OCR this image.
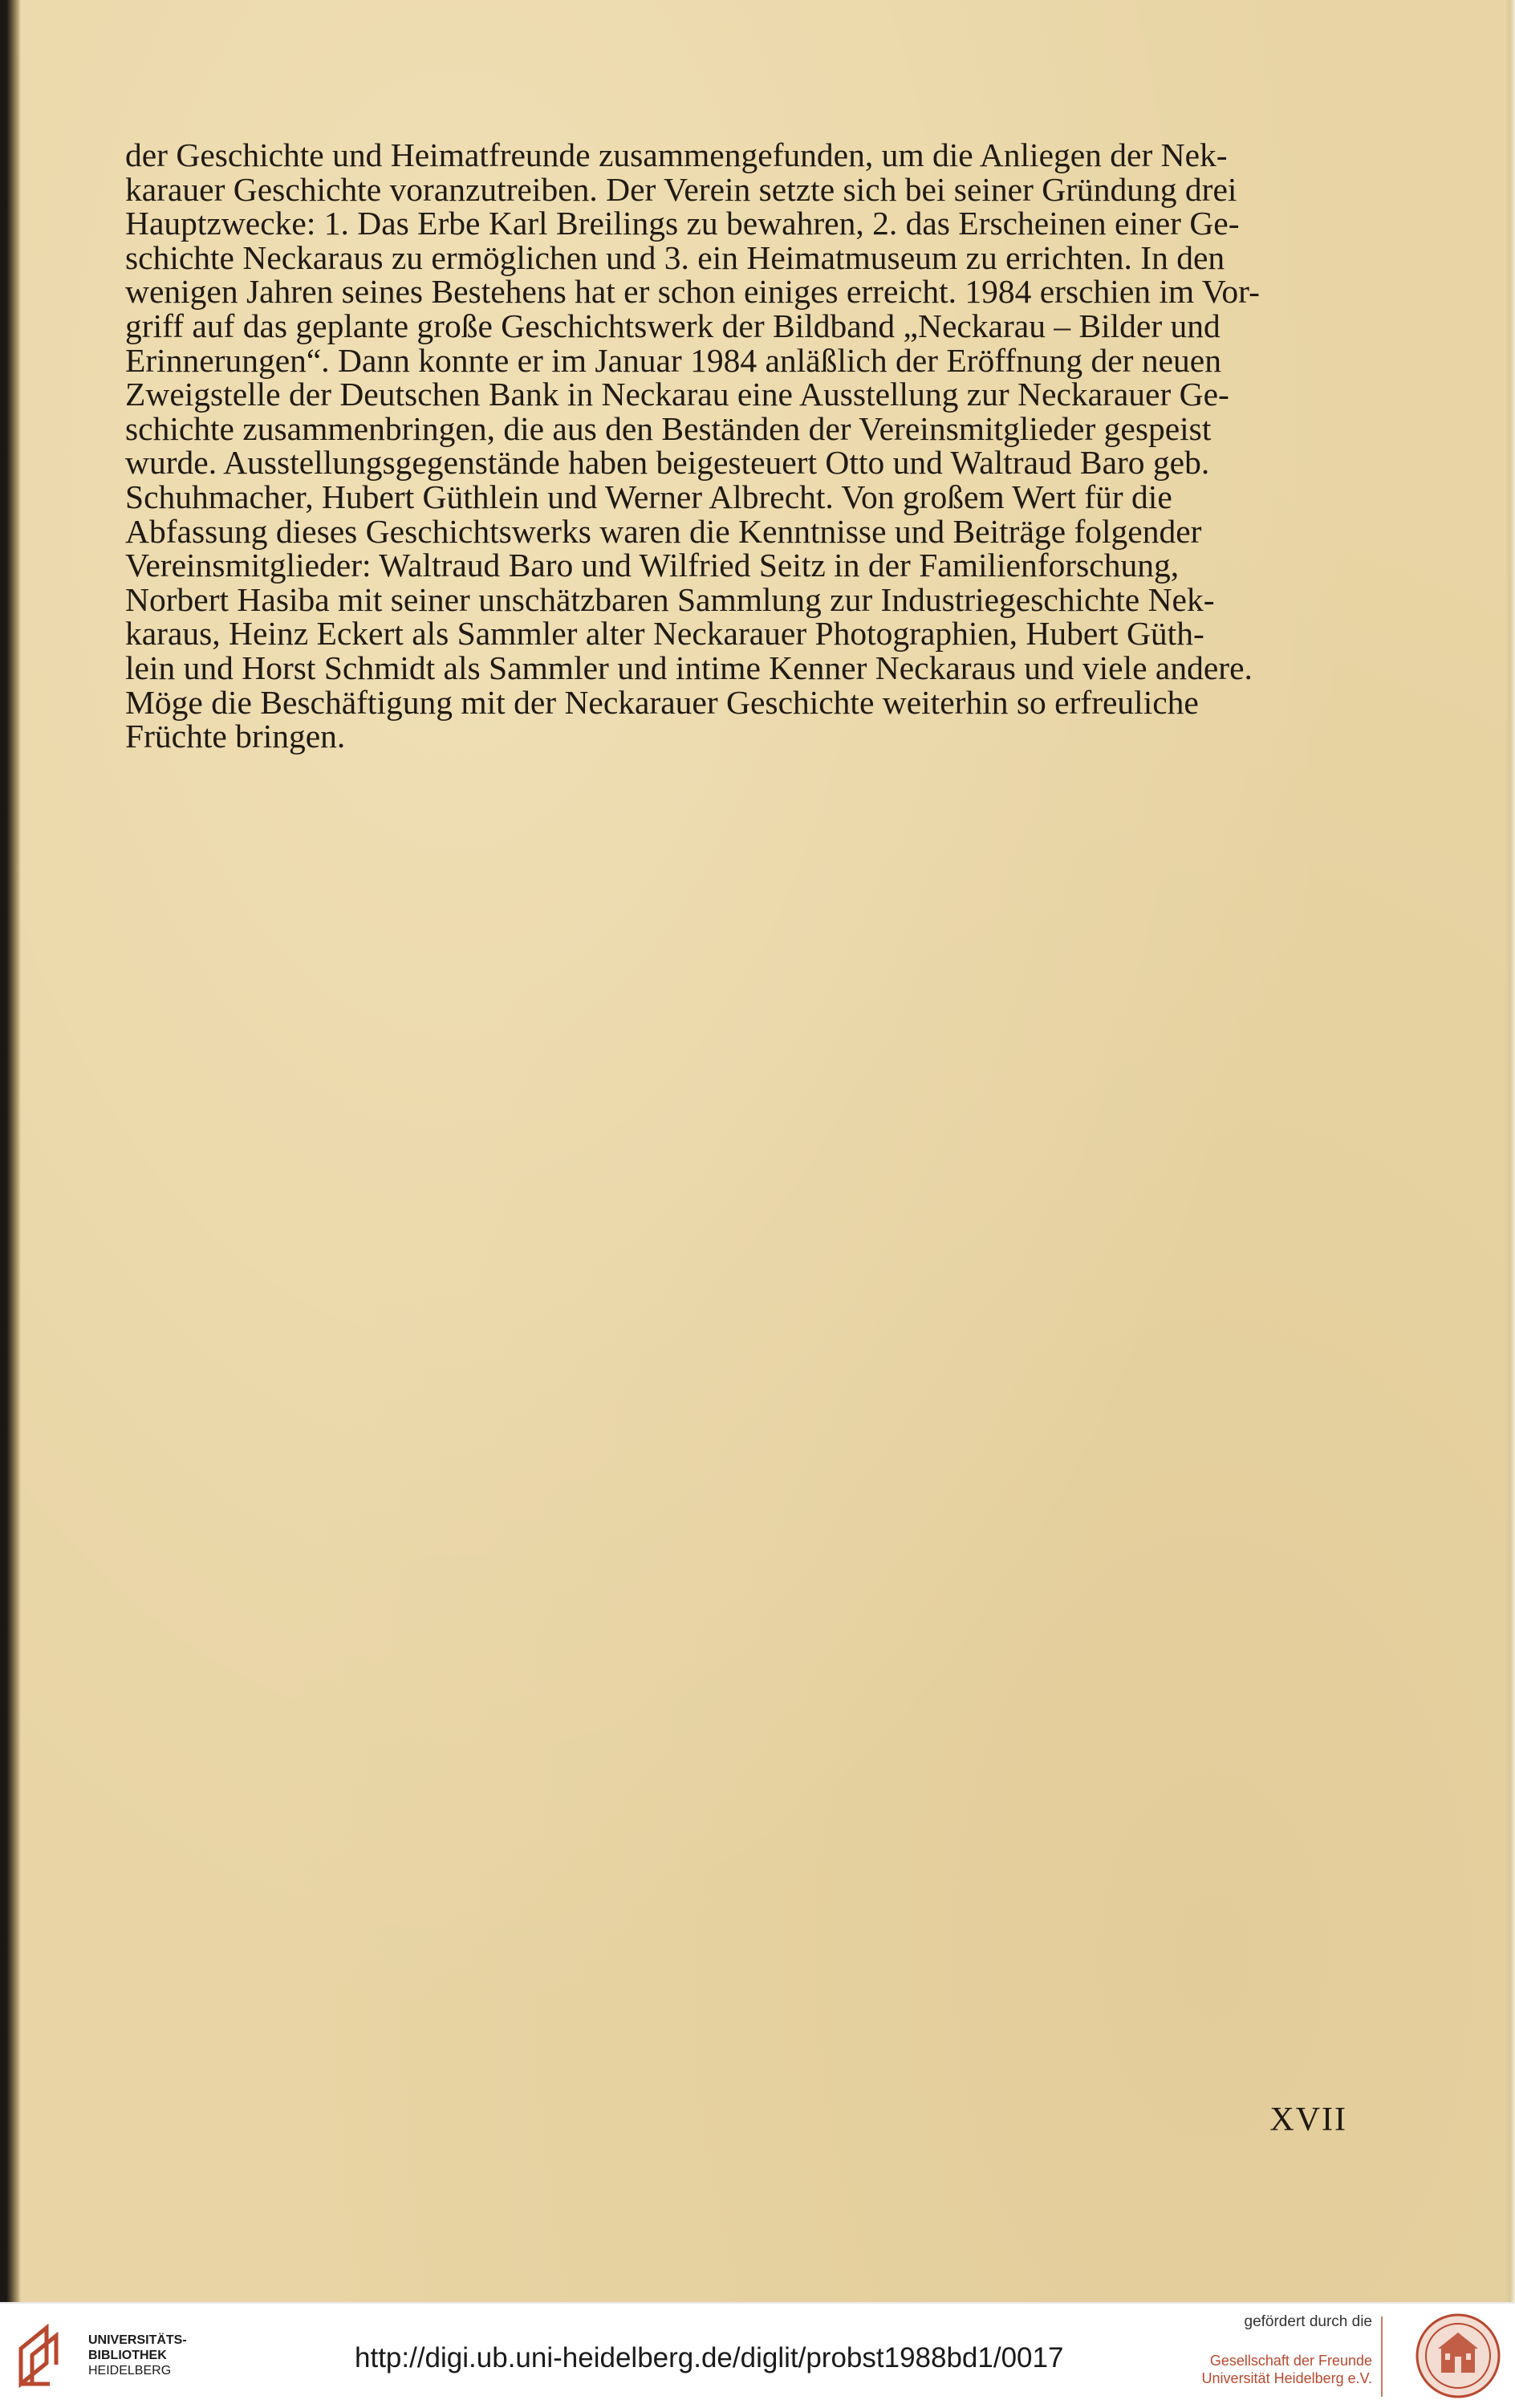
der Geschichte und Heimatfreunde zusammengefunden, um die Anliegen der Nek-
karauer Geschichte voranzutreiben. Der Verein setzte sich bei seiner Gründung drei
Hauptzwecke: 1. Das Erbe Karl Breilings zu bewahren, 2. das Erscheinen einer Ge-
schichte Neckaraus zu ermöglichen und 3. ein Heimatmuseum zu errichten. In den
wenigen Jahren seines Bestehens hat er schon einiges erreicht. 1984 erschien im Vor-
griff auf das geplante große Geschichtswerk der Bildband „Neckarau – Bilder und
Erinnerungen“. Dann konnte er im Januar 1984 anläßlich der Eröffnung der neuen
Zweigstelle der Deutschen Bank in Neckarau eine Ausstellung zur Neckarauer Ge-
schichte zusammenbringen, die aus den Beständen der Vereinsmitglieder gespeist
wurde. Ausstellungsgegenstände haben beigesteuert Otto und Waltraud Baro geb.
Schuhmacher, Hubert Güthlein und Werner Albrecht. Von großem Wert für die
Abfassung dieses Geschichtswerks waren die Kenntnisse und Beiträge folgender
Vereinsmitglieder: Waltraud Baro und Wilfried Seitz in der Familienforschung,
Norbert Hasiba mit seiner unschätzbaren Sammlung zur Industriegeschichte Nek-
karaus, Heinz Eckert als Sammler alter Neckarauer Photographien, Hubert Güth-
lein und Horst Schmidt als Sammler und intime Kenner Neckaraus und viele andere.
Möge die Beschäftigung mit der Neckarauer Geschichte weiterhin so erfreuliche
Früchte bringen.

XVII

UNIVERSITÄTS-
BIBLIOTHEK
HEIDELBERG	http://digi.ub.uni-heidelberg.de/diglit/probst1988bd1/0017
gefördert durch die
Gesellschaft der Freunde
Universität Heidelberg e.V.
